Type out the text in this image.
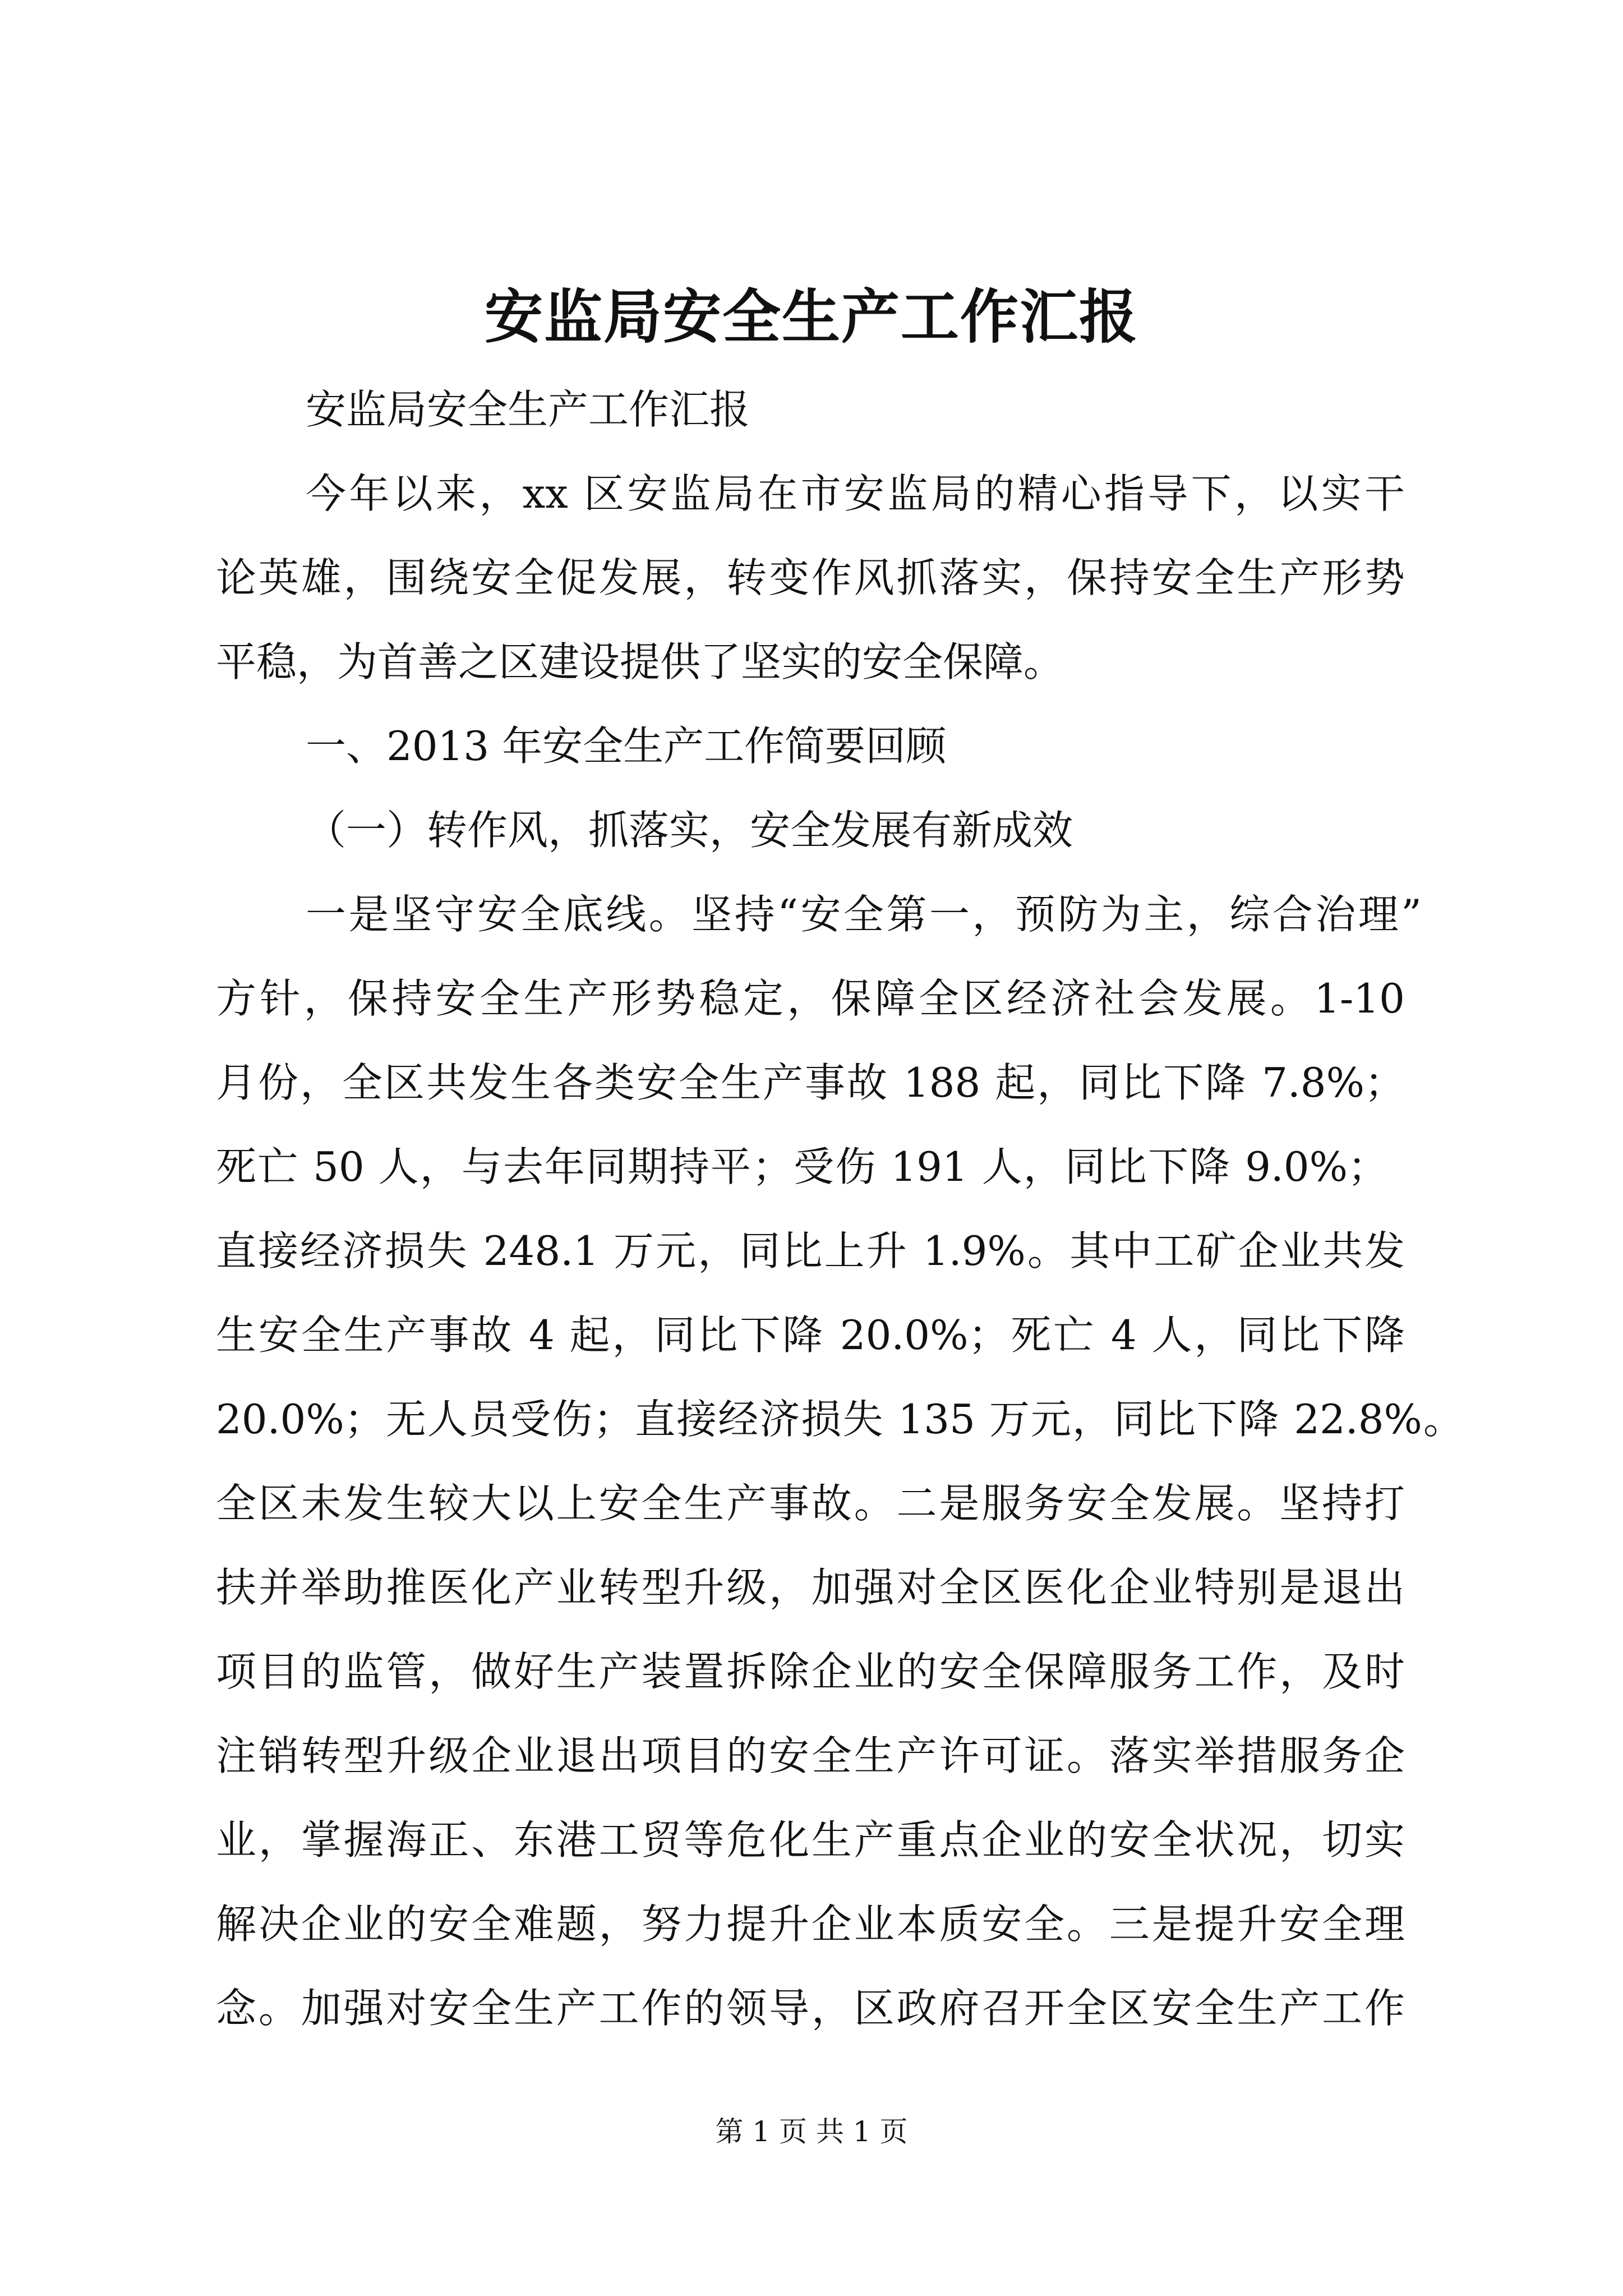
安监局安全生产工作汇报
安监局安全生产工作汇报
今年以来，xx 区安监局在市安监局的精心指导下，以实干
论英雄，围绕安全促发展，转变作风抓落实，保持安全生产形势
平稳，为首善之区建设提供了坚实的安全保障。
一、2013 年安全生产工作简要回顾
（一）转作风，抓落实，安全发展有新成效
一是坚守安全底线。坚持“安全第一，预防为主，综合治理”
方针，保持安全生产形势稳定，保障全区经济社会发展。1-10
月份，全区共发生各类安全生产事故 188 起，同比下降 7.8%；
死亡 50 人，与去年同期持平；受伤 191 人，同比下降 9.0%；
直接经济损失 248.1 万元，同比上升 1.9%。其中工矿企业共发
生安全生产事故 4 起，同比下降 20.0%；死亡 4 人，同比下降
20.0%；无人员受伤；直接经济损失 135 万元，同比下降 22.8%。
全区未发生较大以上安全生产事故。二是服务安全发展。坚持打
扶并举助推医化产业转型升级，加强对全区医化企业特别是退出
项目的监管，做好生产装置拆除企业的安全保障服务工作，及时
注销转型升级企业退出项目的安全生产许可证。落实举措服务企
业，掌握海正、东港工贸等危化生产重点企业的安全状况，切实
解决企业的安全难题，努力提升企业本质安全。三是提升安全理
念。加强对安全生产工作的领导，区政府召开全区安全生产工作
第 1 页 共 1 页
